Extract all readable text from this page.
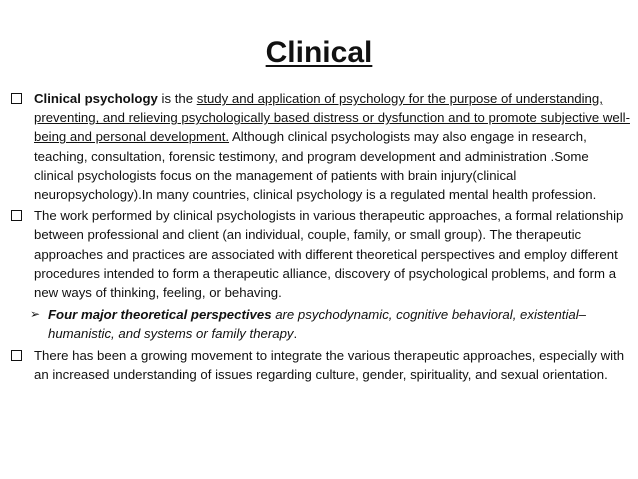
Clinical

Clinical psychology is the study and application of psychology for the purpose of understanding, preventing, and relieving psychologically based distress or dysfunction and to promote subjective well-being and personal development. Although clinical psychologists may also engage in research, teaching, consultation, forensic testimony, and program development and administration .Some clinical psychologists focus on the management of patients with brain injury(clinical neuropsychology).In many countries, clinical psychology is a regulated mental health profession.

The work performed by clinical psychologists in various therapeutic approaches, a formal relationship between professional and client (an individual, couple, family, or small group). The therapeutic approaches and practices are associated with different theoretical perspectives and employ different procedures intended to form a therapeutic alliance, discovery of psychological problems, and form a new ways of thinking, feeling, or behaving.

➢ Four major theoretical perspectives are psychodynamic, cognitive behavioral, existential–humanistic, and systems or family therapy.

There has been a growing movement to integrate the various therapeutic approaches, especially with an increased understanding of issues regarding culture, gender, spirituality, and sexual orientation.
